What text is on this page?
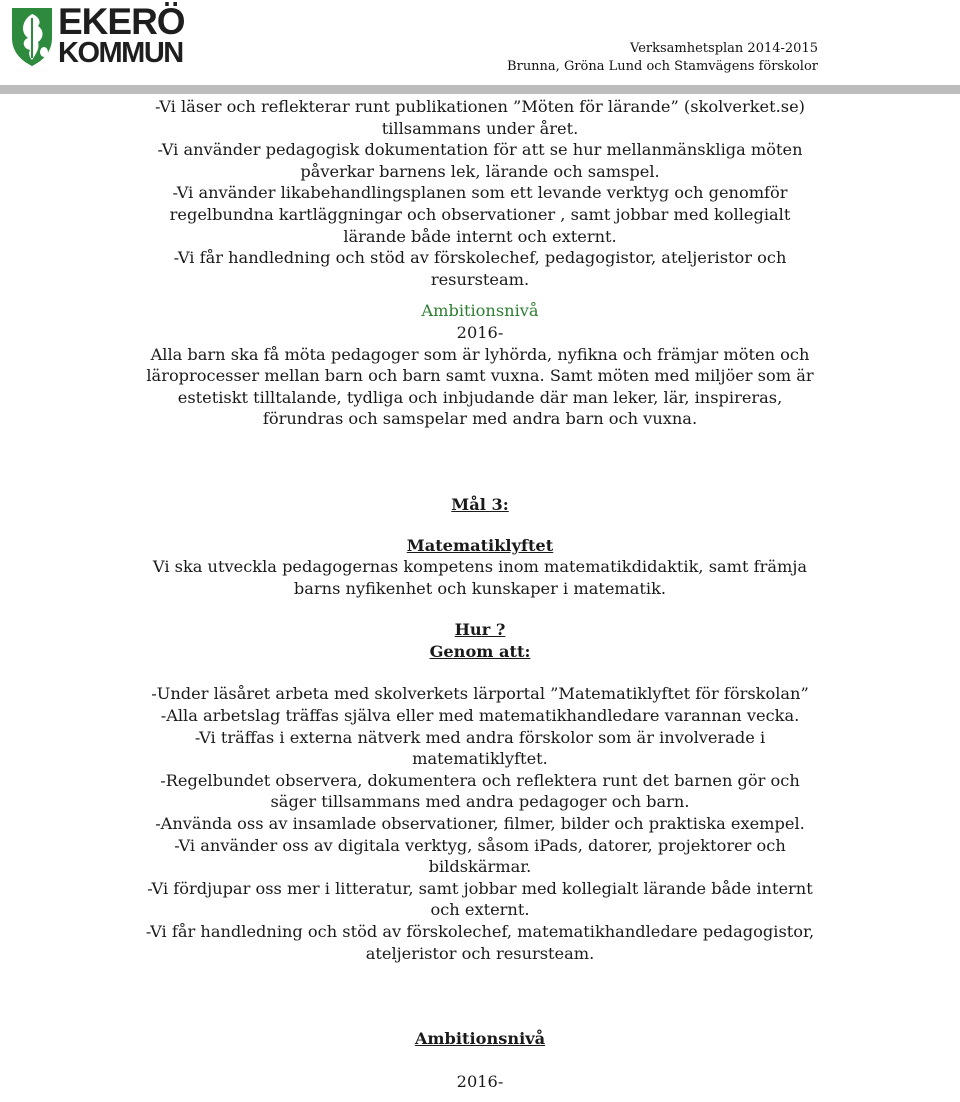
EKERÖ
KOMMUN	Verksamhetsplan 2014-2015
Brunna, Gröna Lund och Stamvägens förskolor

-Vi läser och reflekterar runt publikationen ”Möten för lärande” (skolverket.se)

tillsammans under året.

-Vi använder pedagogisk dokumentation för att se hur mellanmänskliga möten

påverkar barnens lek, lärande och samspel.

-Vi använder likabehandlingsplanen som ett levande verktyg och genomför

regelbundna kartläggningar och observationer , samt jobbar med kollegialt

lärande både internt och externt.

-Vi får handledning och stöd av förskolechef, pedagogistor, ateljeristor och

resursteam.

Ambitionsnivå

2016-

Alla barn ska få möta pedagoger som är lyhörda, nyfikna och främjar möten och

läroprocesser mellan barn och barn samt vuxna. Samt möten med miljöer som är

estetiskt tilltalande, tydliga och inbjudande där man leker, lär, inspireras,

förundras och samspelar med andra barn och vuxna.

Mål 3:

Matematiklyftet

Vi ska utveckla pedagogernas kompetens inom matematikdidaktik, samt främja

barns nyfikenhet och kunskaper i matematik.

Hur ?

Genom att:

-Under läsåret arbeta med skolverkets lärportal ”Matematiklyftet för förskolan”

-Alla arbetslag träffas själva eller med matematikhandledare varannan vecka.

-Vi träffas i externa nätverk med andra förskolor som är involverade i

matematiklyftet.

-Regelbundet observera, dokumentera och reflektera runt det barnen gör och

säger tillsammans med andra pedagoger och barn.

-Använda oss av insamlade observationer, filmer, bilder och praktiska exempel.

-Vi använder oss av digitala verktyg, såsom iPads, datorer, projektorer och

bildskärmar.

-Vi fördjupar oss mer i litteratur, samt jobbar med kollegialt lärande både internt

och externt.

-Vi får handledning och stöd av förskolechef, matematikhandledare pedagogistor,

ateljeristor och resursteam.

Ambitionsnivå

2016-
